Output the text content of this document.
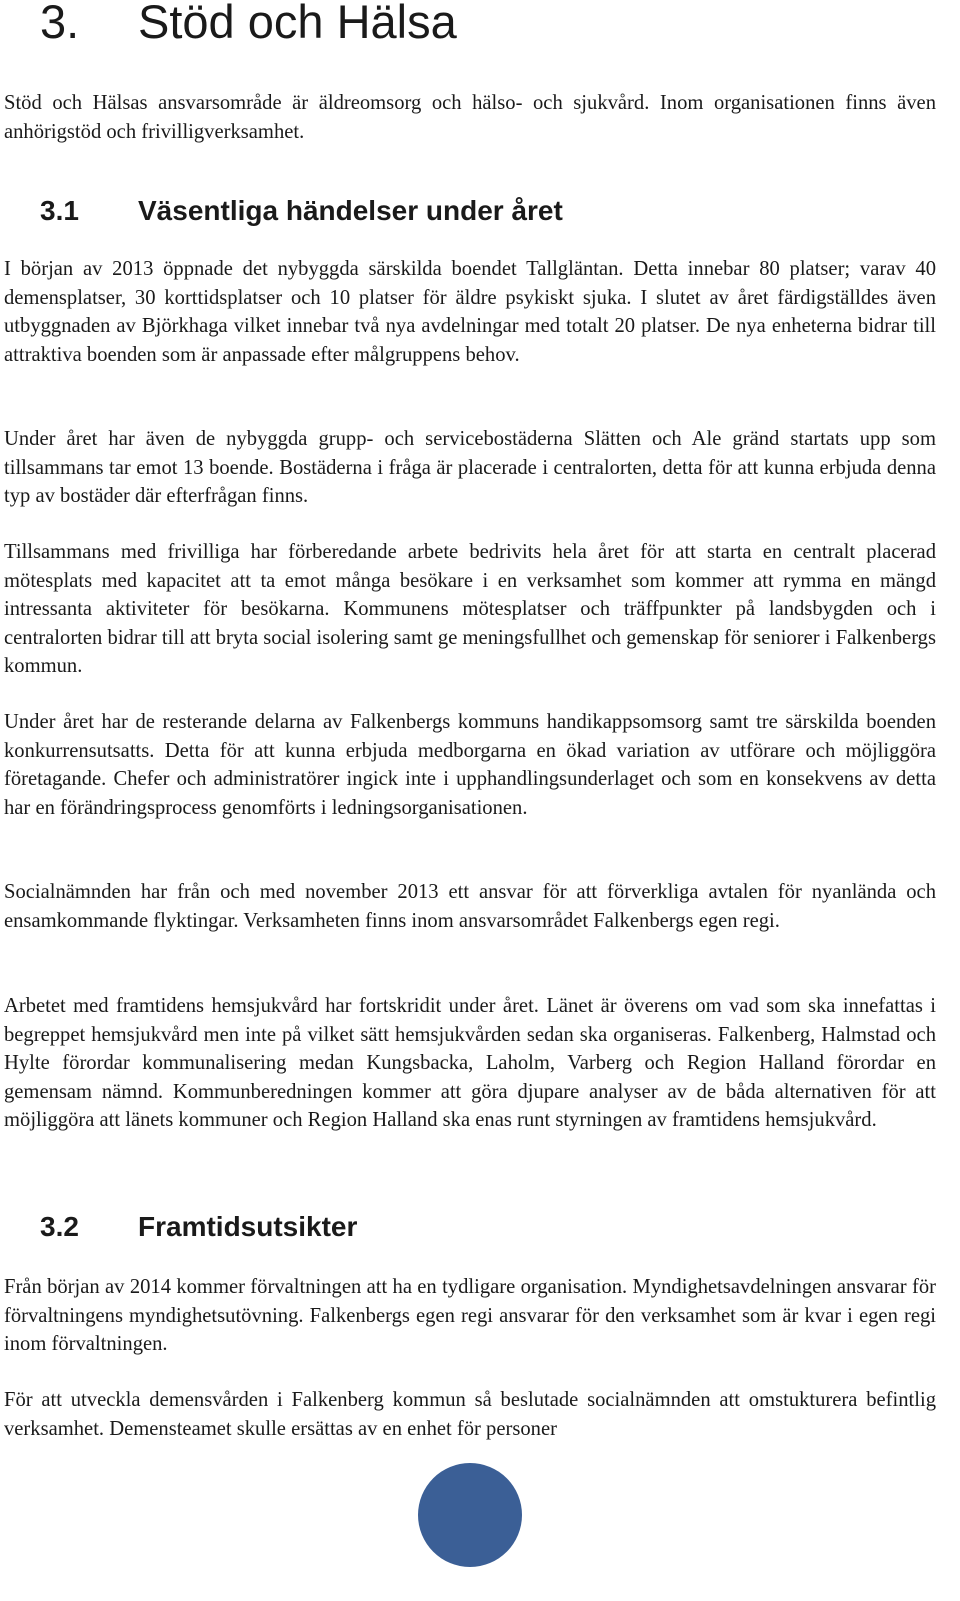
3. Stöd och Hälsa

Stöd och Hälsas ansvarsområde är äldreomsorg och hälso- och sjukvård. Inom organisationen finns även anhörigstöd och frivilligverksamhet.

3.1 Väsentliga händelser under året

I början av 2013 öppnade det nybyggda särskilda boendet Tallgläntan. Detta innebar 80 platser; varav 40 demensplatser, 30 korttidsplatser och 10 platser för äldre psykiskt sjuka. I slutet av året färdigställdes även utbyggnaden av Björkhaga vilket innebar två nya avdelningar med totalt 20 platser. De nya enheterna bidrar till attraktiva boenden som är anpassade efter målgruppens behov.

Under året har även de nybyggda grupp- och servicebostäderna Slätten och Ale gränd startats upp som tillsammans tar emot 13 boende. Bostäderna i fråga är placerade i centralorten, detta för att kunna erbjuda denna typ av bostäder där efterfrågan finns.

Tillsammans med frivilliga har förberedande arbete bedrivits hela året för att starta en centralt placerad mötesplats med kapacitet att ta emot många besökare i en verksamhet som kommer att rymma en mängd intressanta aktiviteter för besökarna. Kommunens mötesplatser och träffpunkter på landsbygden och i centralorten bidrar till att bryta social isolering samt ge meningsfullhet och gemenskap för seniorer i Falkenbergs kommun.

Under året har de resterande delarna av Falkenbergs kommuns handikappsomsorg samt tre särskilda boenden konkurrensutsatts. Detta för att kunna erbjuda medborgarna en ökad variation av utförare och möjliggöra företagande. Chefer och administratörer ingick inte i upphandlingsunderlaget och som en konsekvens av detta har en förändringsprocess genomförts i ledningsorganisationen.

Socialnämnden har från och med november 2013 ett ansvar för att förverkliga avtalen för nyanlända och ensamkommande flyktingar. Verksamheten finns inom ansvarsområdet Falkenbergs egen regi.

Arbetet med framtidens hemsjukvård har fortskridit under året. Länet är överens om vad som ska innefattas i begreppet hemsjukvård men inte på vilket sätt hemsjukvården sedan ska organiseras. Falkenberg, Halmstad och Hylte förordar kommunalisering medan Kungsbacka, Laholm, Varberg och Region Halland förordar en gemensam nämnd. Kommunberedningen kommer att göra djupare analyser av de båda alternativen för att möjliggöra att länets kommuner och Region Halland ska enas runt styrningen av framtidens hemsjukvård.

3.2 Framtidsutsikter

Från början av 2014 kommer förvaltningen att ha en tydligare organisation. Myndighetsavdelningen ansvarar för förvaltningens myndighetsutövning. Falkenbergs egen regi ansvarar för den verksamhet som är kvar i egen regi inom förvaltningen.

För att utveckla demensvården i Falkenberg kommun så beslutade socialnämnden att omstukturera befintlig verksamhet. Demensteamet skulle ersättas av en enhet för personer
